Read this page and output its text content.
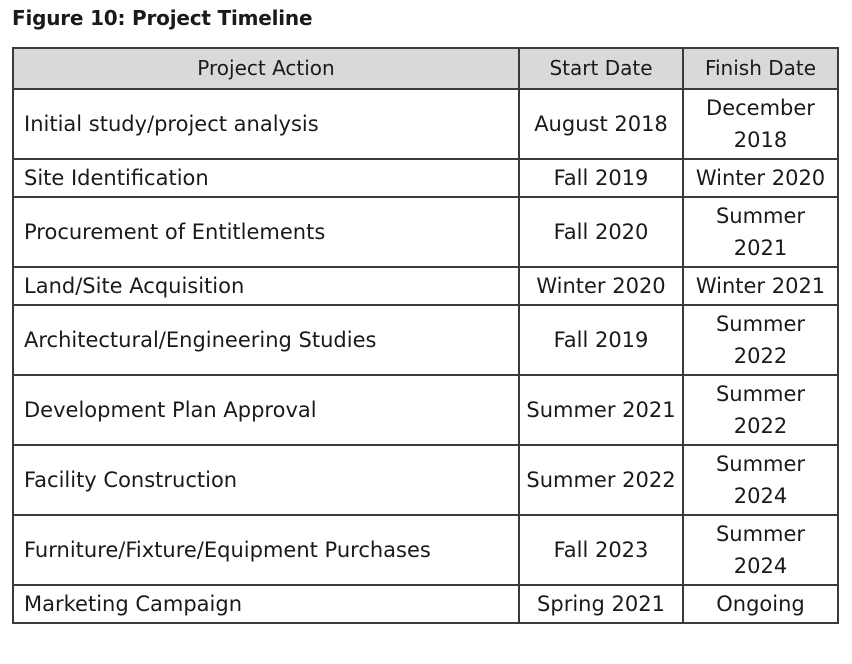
Figure 10: Project Timeline
Project Action	Start Date	Finish Date
Initial study/project analysis	August 2018	December 2018
Site Identification	Fall 2019	Winter 2020
Procurement of Entitlements	Fall 2020	Summer 2021
Land/Site Acquisition	Winter 2020	Winter 2021
Architectural/Engineering Studies	Fall 2019	Summer 2022
Development Plan Approval	Summer 2021	Summer 2022
Facility Construction	Summer 2022	Summer 2024
Furniture/Fixture/Equipment Purchases	Fall 2023	Summer 2024
Marketing Campaign	Spring 2021	Ongoing
